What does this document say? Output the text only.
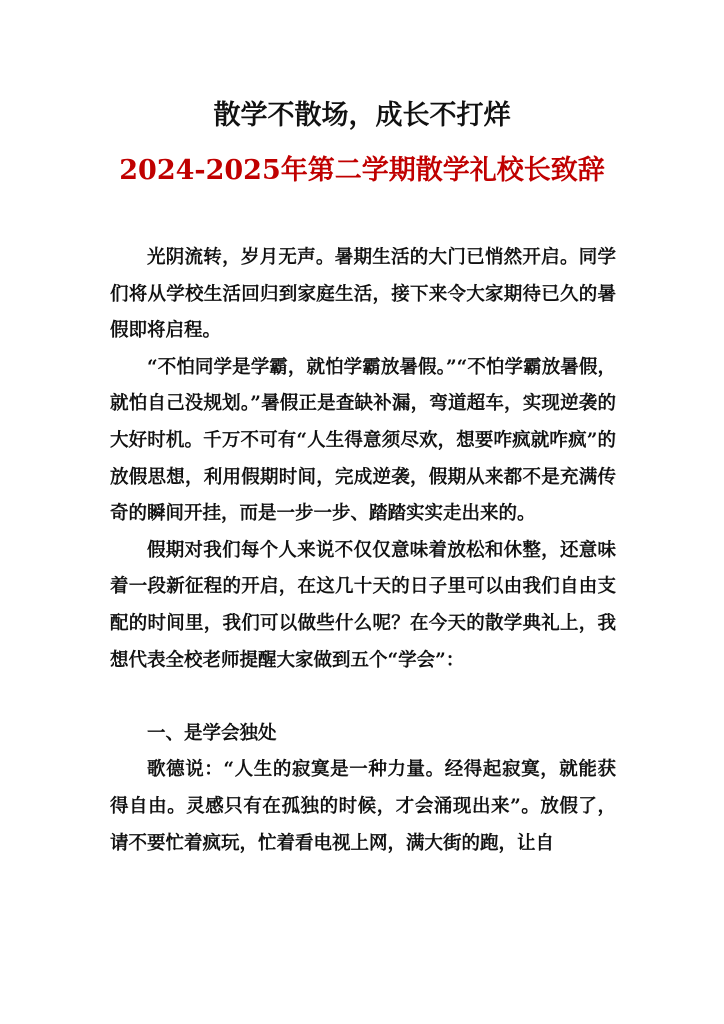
散学不散场，成长不打烊
2024-2025年第二学期散学礼校长致辞

光阴流转，岁月无声。暑期生活的大门已悄然开启。同学们将从学校生活回归到家庭生活，接下来令大家期待已久的暑假即将启程。

“不怕同学是学霸，就怕学霸放暑假。”“不怕学霸放暑假，就怕自己没规划。”暑假正是查缺补漏，弯道超车，实现逆袭的大好时机。千万不可有“人生得意须尽欢，想要咋疯就咋疯”的放假思想，利用假期时间，完成逆袭，假期从来都不是充满传奇的瞬间开挂，而是一步一步、踏踏实实走出来的。

假期对我们每个人来说不仅仅意味着放松和休整，还意味着一段新征程的开启，在这几十天的日子里可以由我们自由支配的时间里，我们可以做些什么呢？在今天的散学典礼上，我想代表全校老师提醒大家做到五个“学会”：

一、是学会独处

歌德说：“人生的寂寞是一种力量。经得起寂寞，就能获得自由。灵感只有在孤独的时候，才会涌现出来”。放假了，请不要忙着疯玩，忙着看电视上网，满大街的跑，让自
